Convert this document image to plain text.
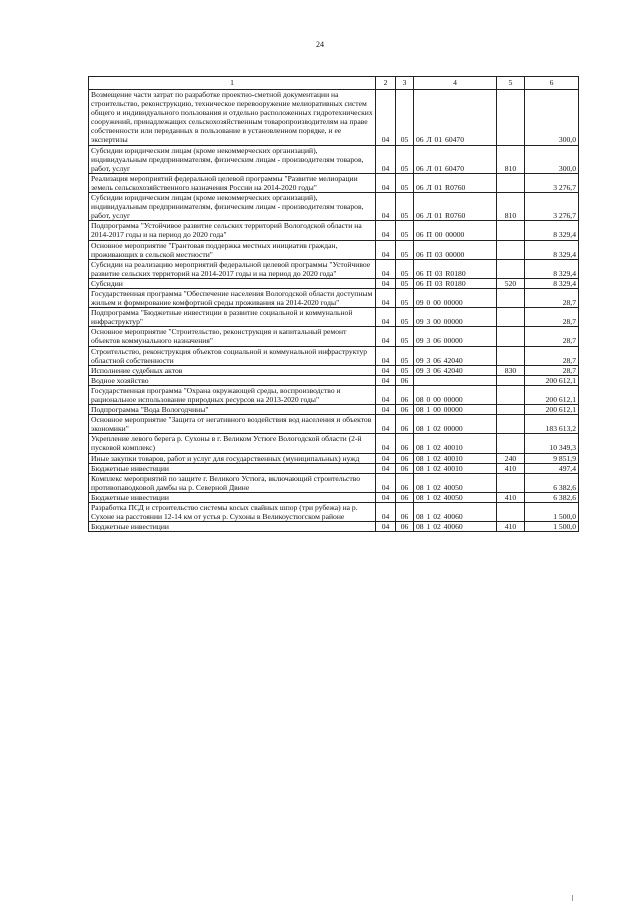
24
1	2	3	4	5	6
Возмещение части затрат по разработке проектно-сметной документации на строительство, реконструкцию, техническое перевооружение мелиоративных систем общего и индивидуального пользования и отдельно расположенных гидротехнических сооружений, принадлежащих сельскохозяйственным товаропроизводителям на праве собственности или переданных в пользование в установленном порядке, и ее экспертизы	04	05	06 Л 01 60470		300,0
Субсидии юридическим лицам (кроме некоммерческих организаций), индивидуальным предпринимателям, физическим лицам - производителям товаров, работ, услуг	04	05	06 Л 01 60470	810	300,0
Реализация мероприятий федеральной целевой программы "Развитие мелиорации земель сельскохозяйственного назначения России на 2014-2020 годы"	04	05	06 Л 01 R0760		3 276,7
Субсидии юридическим лицам (кроме некоммерческих организаций), индивидуальным предпринимателям, физическим лицам - производителям товаров, работ, услуг	04	05	06 Л 01 R0760	810	3 276,7
Подпрограмма "Устойчивое развитие сельских территорий Вологодской области на 2014-2017 годы и на период до 2020 года"	04	05	06 П 00 00000		8 329,4
Основное мероприятие "Грантовая поддержка местных инициатив граждан, проживающих в сельской местности"	04	05	06 П 03 00000		8 329,4
Субсидии на реализацию мероприятий федеральной целевой программы "Устойчивое развитие сельских территорий на 2014-2017 годы и на период до 2020 года"	04	05	06 П 03 R0180		8 329,4
Субсидии	04	05	06 П 03 R0180	520	8 329,4
Государственная программа "Обеспечение населения Вологодской области доступным жильем и формирование комфортной среды проживания на 2014-2020 годы"	04	05	09 0 00 00000		28,7
Подпрограмма "Бюджетные инвестиции в развитие социальной и коммунальной инфраструктур"	04	05	09 3 00 00000		28,7
Основное мероприятие "Строительство, реконструкция и капитальный ремонт объектов коммунального назначения"	04	05	09 3 06 00000		28,7
Строительство, реконструкция объектов социальной и коммунальной инфраструктур областной собственности	04	05	09 3 06 42040		28,7
Исполнение судебных актов	04	05	09 3 06 42040	830	28,7
Водное хозяйство	04	06			200 612,1
Государственная программа "Охрана окружающей среды, воспроизводство и рациональное использование природных ресурсов на 2013-2020 годы"	04	06	08 0 00 00000		200 612,1
Подпрограмма "Вода Вологодчины"	04	06	08 1 00 00000		200 612,1
Основное мероприятие "Защита от негативного воздействия вод населения и объектов экономики"	04	06	08 1 02 00000		183 613,2
Укрепление левого берега р. Сухоны в г. Великом Устюге Вологодской области (2-й пусковой комплекс)	04	06	08 1 02 40010		10 349,3
Иные закупки товаров, работ и услуг для государственных (муниципальных) нужд	04	06	08 1 02 40010	240	9 851,9
Бюджетные инвестиции	04	06	08 1 02 40010	410	497,4
Комплекс мероприятий по защите г. Великого Устюга, включающий строительство противопаводковой дамбы на р. Северной Двине	04	06	08 1 02 40050		6 382,6
Бюджетные инвестиции	04	06	08 1 02 40050	410	6 382,6
Разработка ПСД и строительство системы косых свайных шпор (три рубежа) на р. Сухоне на расстоянии 12-14 км от устья р. Сухоны в Великоустюгском районе	04	06	08 1 02 40060		1 500,0
Бюджетные инвестиции	04	06	08 1 02 40060	410	1 500,0
